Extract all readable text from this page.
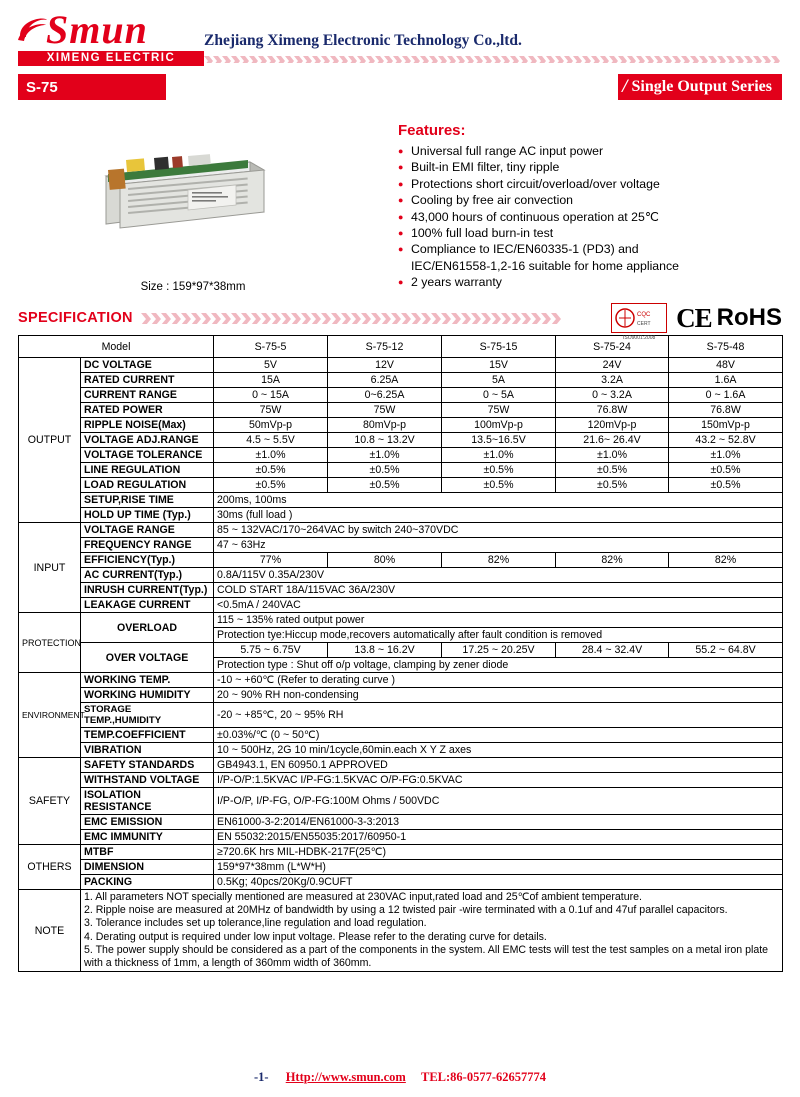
Smun
XIMENG ELECTRIC
Zhejiang Ximeng Electronic Technology Co.,ltd.
S-75	/ Single Output Series
Size : 159*97*38mm
Features:
● Universal full range AC input power
● Built-in EMI filter, tiny ripple
● Protections short circuit/overload/over voltage
● Cooling by free air convection
● 43,000 hours of continuous operation at 25℃
● 100% full load burn-in test
● Compliance to IEC/EN60335-1 (PD3) and
IEC/EN61558-1,2-16 suitable for home appliance
● 2 years warranty
SPECIFICATION	CQC
CERT
ISO9001:2008
CE RoHS
Model		S-75-5	S-75-12	S-75-15	S-75-24	S-75-48
OUTPUT	DC VOLTAGE	5V	12V	15V	24V	48V
	RATED CURRENT	15A	6.25A	5A	3.2A	1.6A
	CURRENT RANGE	0 ~ 15A	0~6.25A	0 ~ 5A	0 ~ 3.2A	0 ~ 1.6A
	RATED POWER	75W	75W	75W	76.8W	76.8W
	RIPPLE NOISE(Max)	50mVp-p	80mVp-p	100mVp-p	120mVp-p	150mVp-p
	VOLTAGE ADJ.RANGE	4.5 ~ 5.5V	10.8 ~ 13.2V	13.5~16.5V	21.6~ 26.4V	43.2 ~ 52.8V
	VOLTAGE TOLERANCE	±1.0%	±1.0%	±1.0%	±1.0%	±1.0%
	LINE REGULATION	±0.5%	±0.5%	±0.5%	±0.5%	±0.5%
	LOAD REGULATION	±0.5%	±0.5%	±0.5%	±0.5%	±0.5%
	SETUP,RISE TIME	200ms, 100ms				
	HOLD UP TIME (Typ.)	30ms (full load )				
INPUT	VOLTAGE RANGE	85 ~ 132VAC/170~264VAC by switch 240~370VDC				
	FREQUENCY RANGE	47 ~ 63Hz				
	EFFICIENCY(Typ.)	77%	80%	82%	82%	82%
	AC CURRENT(Typ.)	0.8A/115V 0.35A/230V				
	INRUSH CURRENT(Typ.)	COLD START 18A/115VAC 36A/230V				
	LEAKAGE CURRENT	<0.5mA / 240VAC				
PROTECTION	OVERLOAD	115 ~ 135% rated output power				
		Protection tye:Hiccup mode,recovers automatically after fault condition is removed				
	OVER VOLTAGE	5.75 ~ 6.75V	13.8 ~ 16.2V	17.25 ~ 20.25V	28.4 ~ 32.4V	55.2 ~ 64.8V
		Protection type : Shut off o/p voltage, clamping by zener diode				
ENVIRONMENT	WORKING TEMP.	-10 ~ +60℃ (Refer to derating curve )				
	WORKING HUMIDITY	20 ~ 90% RH non-condensing				
	STORAGE TEMP.,HUMIDITY	-20 ~ +85℃, 20 ~ 95% RH				
	TEMP.COEFFICIENT	±0.03%/℃ (0 ~ 50℃)				
	VIBRATION	10 ~ 500Hz, 2G 10 min/1cycle,60min.each X Y Z axes				
SAFETY	SAFETY STANDARDS	GB4943.1, EN 60950.1 APPROVED				
	WITHSTAND VOLTAGE	I/P-O/P:1.5KVAC I/P-FG:1.5KVAC O/P-FG:0.5KVAC				
	ISOLATION RESISTANCE	I/P-O/P, I/P-FG, O/P-FG:100M Ohms / 500VDC				
	EMC EMISSION	EN61000-3-2:2014/EN61000-3-3:2013				
	EMC IMMUNITY	EN 55032:2015/EN55035:2017/60950-1				
OTHERS	MTBF	≥720.6K hrs MIL-HDBK-217F(25℃)				
	DIMENSION	159*97*38mm (L*W*H)				
	PACKING	0.5Kg; 40pcs/20Kg/0.9CUFT				
NOTE	
1. All parameters NOT specially mentioned are measured at 230VAC input,rated load and 25℃of ambient temperature.
2. Ripple noise are measured at 20MHz of bandwidth by using a 12 twisted pair -wire terminated with a 0.1uf and 47uf parallel capacitors.
3. Tolerance includes set up tolerance,line regulation and load regulation.
4. Derating output is required under low input voltage. Please refer to the derating curve for details.
5. The power supply should be considered as a part of the components in the system. All EMC tests will test the test samples on a metal iron plate
with a thickness of 1mm, a length of 360mm width of 360mm.
-1- Http://www.smun.com TEL:86-0577-62657774
